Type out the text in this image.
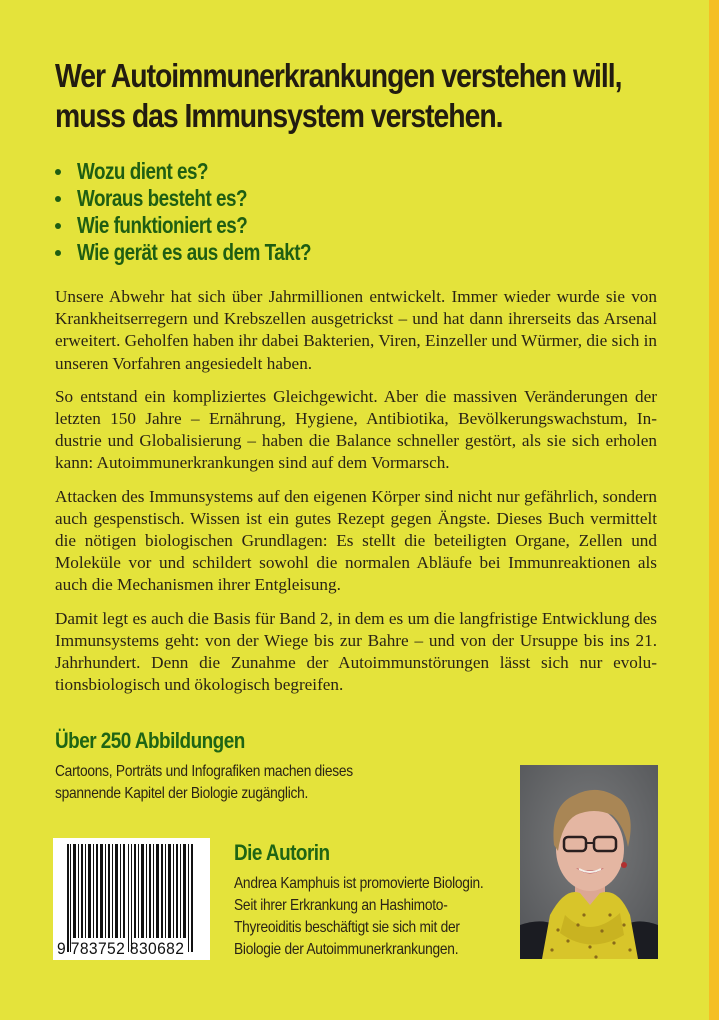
Wer Autoimmunerkrankungen verstehen will,
muss das Immunsystem verstehen.
Wozu dient es?
Woraus besteht es?
Wie funktioniert es?
Wie gerät es aus dem Takt?

Unsere Abwehr hat sich über Jahrmillionen entwickelt. Immer wieder wurde sie von Krankheitserregern und Krebszellen ausgetrickst – und hat dann ihrerseits das Arsenal erweitert. Geholfen haben ihr dabei Bakterien, Viren, Einzeller und Würmer, die sich in unseren Vorfahren angesiedelt haben.

So entstand ein kompliziertes Gleichgewicht. Aber die massiven Veränderungen der letzten 150 Jahre – Ernährung, Hygiene, Antibiotika, Bevölkerungswachstum, Industrie und Globalisierung – haben die Balance schneller gestört, als sie sich erholen kann: Autoimmunerkrankungen sind auf dem Vormarsch.

Attacken des Immunsystems auf den eigenen Körper sind nicht nur gefährlich, sondern auch gespenstisch. Wissen ist ein gutes Rezept gegen Ängste. Dieses Buch vermittelt die nötigen biologischen Grundlagen: Es stellt die beteiligten Organe, Zellen und Moleküle vor und schildert sowohl die normalen Abläufe bei Immunreaktionen als auch die Mechanismen ihrer Entgleisung.

Damit legt es auch die Basis für Band 2, in dem es um die langfristige Entwicklung des Immunsystems geht: von der Wiege bis zur Bahre – und von der Ursuppe bis ins 21. Jahrhundert. Denn die Zunahme der Autoimmunstörungen lässt sich nur evolutionsbiologisch und ökologisch begreifen.

Über 250 Abbildungen

Cartoons, Porträts und Infografiken machen dieses
spannende Kapitel der Biologie zugänglich.

9 783752 830682
Die Autorin

Andrea Kamphuis ist promovierte Biologin.
Seit ihrer Erkrankung an Hashimoto-
Thyreoiditis beschäftigt sie sich mit der
Biologie der Autoimmunerkrankungen.
